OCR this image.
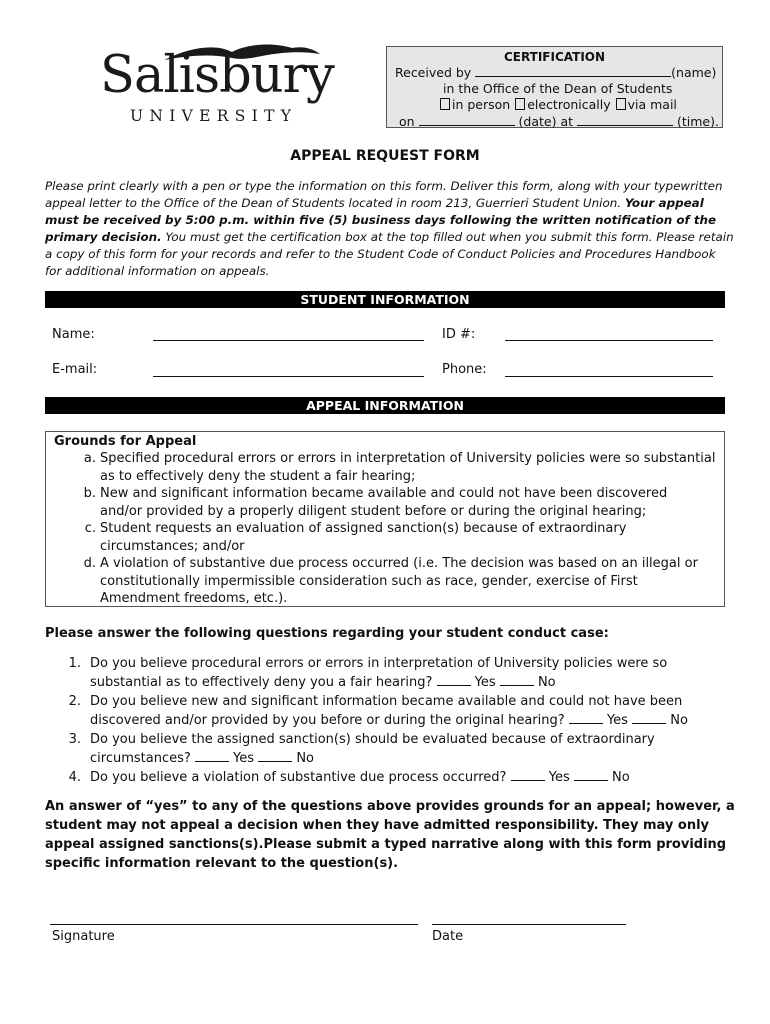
Salisbury
UNIVERSITY
CERTIFICATION
Received by	(name)
in the Office of the Dean of Students
in person electronically via mail
on	(date) at	(time).
APPEAL REQUEST FORM
Please print clearly with a pen or type the information on this form. Deliver this form, along with your typewritten appeal letter to the Office of the Dean of Students located in room 213, Guerrieri Student Union. Your appeal must be received by 5:00 p.m. within five (5) business days following the written notification of the primary decision. You must get the certification box at the top filled out when you submit this form. Please retain a copy of this form for your records and refer to the Student Code of Conduct Policies and Procedures Handbook for additional information on appeals.
STUDENT INFORMATION
Name:	ID #:
E-mail:	Phone:
APPEAL INFORMATION
Grounds for Appeal
a. Specified procedural errors or errors in interpretation of University policies were so substantial
as to effectively deny the student a fair hearing;
b. New and significant information became available and could not have been discovered
and/or provided by a properly diligent student before or during the original hearing;
c. Student requests an evaluation of assigned sanction(s) because of extraordinary
circumstances; and/or
d. A violation of substantive due process occurred (i.e. The decision was based on an illegal or
constitutionally impermissible consideration such as race, gender, exercise of First
Amendment freedoms, etc.).
Please answer the following questions regarding your student conduct case:
1. Do you believe procedural errors or errors in interpretation of University policies were so
substantial as to effectively deny you a fair hearing?	Yes	No
2. Do you believe new and significant information became available and could not have been
discovered and/or provided by you before or during the original hearing?	Yes	No
3. Do you believe the assigned sanction(s) should be evaluated because of extraordinary
circumstances?	Yes	No
4. Do you believe a violation of substantive due process occurred?	Yes	No
An answer of “yes” to any of the questions above provides grounds for an appeal; however, a student may not appeal a decision when they have admitted responsibility. They may only appeal assigned sanctions(s).Please submit a typed narrative along with this form providing specific information relevant to the question(s).
Signature	Date
